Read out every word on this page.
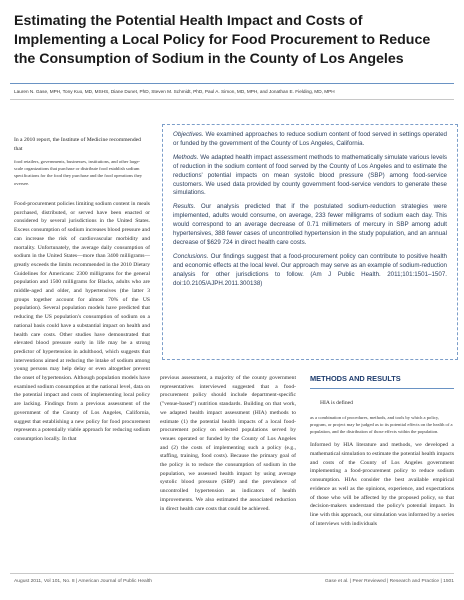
Estimating the Potential Health Impact and Costs of Implementing a Local Policy for Food Procurement to Reduce the Consumption of Sodium in the County of Los Angeles
Lauren N. Gase, MPH, Tony Kuo, MD, MSHS, Diane Dunet, PhD, Steven M. Schmidt, PhD, Paul A. Simon, MD, MPH, and Jonathan E. Fielding, MD, MPH
In a 2010 report, the Institute of Medicine recommended that
food retailers, governments, businesses, institutions, and other large-scale organizations that purchase or distribute food establish sodium specifications for the food they purchase and the food operations they oversee.
Food-procurement policies limiting sodium content in meals purchased, distributed, or served have been enacted or considered by several jurisdictions in the United States. Excess consumption of sodium increases blood pressure and can increase the risk of cardiovascular morbidity and mortality. Unfortunately, the average daily consumption of sodium in the United States—more than 3400 milligrams—greatly exceeds the limits recommended in the 2010 Dietary Guidelines for Americans: 2300 milligrams for the general population and 1500 milligrams for Blacks, adults who are middle-aged and older, and hypertensives (the latter 3 groups together account for almost 70% of the US population). Several population models have predicted that reducing the US population's consumption of sodium on a national basis could have a substantial impact on health and health care costs. Other studies have demonstrated that elevated blood pressure early in life may be a strong predictor of hypertension in adulthood, which suggests that interventions aimed at reducing the intake of sodium among young persons may help delay or even altogether prevent the onset of hypertension. Although population models have examined sodium consumption at the national level, data on the potential impact and costs of implementing local policy are lacking. Findings from a previous assessment of the government of the County of Los Angeles, California, suggest that establishing a new policy for food procurement represents a potentially viable approach for reducing sodium consumption locally. In that

Objectives. We examined approaches to reduce sodium content of food served in settings operated or funded by the government of the County of Los Angeles, California.

Methods. We adapted health impact assessment methods to mathematically simulate various levels of reduction in the sodium content of food served by the County of Los Angeles and to estimate the reductions' potential impacts on mean systolic blood pressure (SBP) among food-service customers. We used data provided by county government food-service vendors to generate these simulations.

Results. Our analysis predicted that if the postulated sodium-reduction strategies were implemented, adults would consume, on average, 233 fewer milligrams of sodium each day. This would correspond to an average decrease of 0.71 millimeters of mercury in SBP among adult hypertensives, 388 fewer cases of uncontrolled hypertension in the study population, and an annual decrease of $629 724 in direct health care costs.

Conclusions. Our findings suggest that a food-procurement policy can contribute to positive health and economic effects at the local level. Our approach may serve as an example of sodium-reduction analysis for other jurisdictions to follow. (Am J Public Health. 2011;101:1501–1507. doi:10.2105/AJPH.2011.300138)

previous assessment, a majority of the county government representatives interviewed suggested that a food-procurement policy should include department-specific ("venue-based") nutrition standards. Building on that work, we adapted health impact assessment (HIA) methods to estimate (1) the potential health impacts of a local food-procurement policy on selected populations served by venues operated or funded by the County of Los Angeles and (2) the costs of implementing such a policy (e.g., staffing, training, food costs). Because the primary goal of the policy is to reduce the consumption of sodium in the population, we assessed health impact by using average systolic blood pressure (SBP) and the prevalence of uncontrolled hypertension as indicators of health improvements. We also estimated the associated reduction in direct health care costs that could be achieved.
METHODS AND RESULTS
HIA is defined
as a combination of procedures, methods, and tools by which a policy, program, or project may be judged as to its potential effects on the health of a population, and the distribution of those effects within the population.
Informed by HIA literature and methods, we developed a mathematical simulation to estimate the potential health impacts and costs of the County of Los Angeles government implementing a food-procurement policy to reduce sodium consumption. HIAs consider the best available empirical evidence as well as the opinions, experience, and expectations of those who will be affected by the proposed policy, so that decision-makers understand the policy's potential impact. In line with this approach, our simulation was informed by a series of interviews with individuals
August 2011, Vol 101, No. 8 | American Journal of Public Health	Gase et al. | Peer Reviewed | Research and Practice | 1501
